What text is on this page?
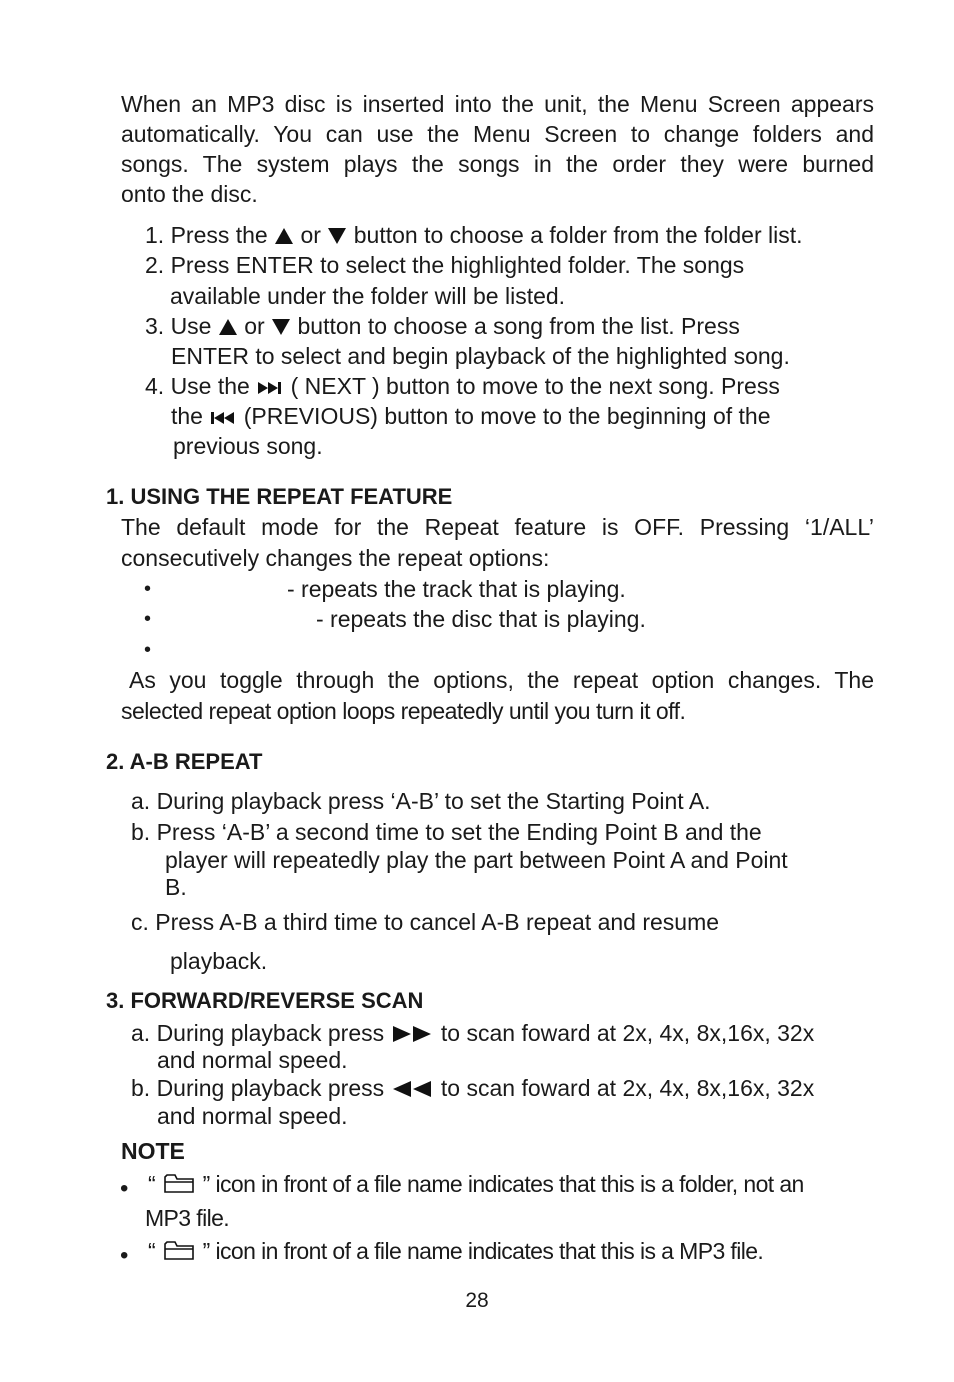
When an MP3 disc is inserted into the unit, the Menu Screen appears
automatically. You can use the Menu Screen to change folders and
songs. The system plays the songs in the order they were burned
onto the disc.
1. Press the or button to choose a folder from the folder list.
2. Press ENTER to select the highlighted folder. The songs
available under the folder will be listed.
3. Use or button to choose a song from the list. Press
ENTER to select and begin playback of the highlighted song.
4. Use the ( NEXT ) button to move to the next song. Press
the (PREVIOUS) button to move to the beginning of the
previous song.
1. USING THE REPEAT FEATURE
The default mode for the Repeat feature is OFF. Pressing ‘1/ALL’
consecutively changes the repeat options:
•	- repeats the track that is playing.
•	- repeats the disc that is playing.
•
As you toggle through the options, the repeat option changes. The
selected repeat option loops repeatedly until you turn it off.
2. A-B REPEAT
a. During playback press ‘A-B’ to set the Starting Point A.
b. Press ‘A-B’ a second time to set the Ending Point B and the
player will repeatedly play the part between Point A and Point
B.
c. Press A-B a third time to cancel A-B repeat and resume
playback.
3. FORWARD/REVERSE SCAN
a. During playback press to scan foward at 2x, 4x, 8x,16x, 32x
and normal speed.
b. During playback press to scan foward at 2x, 4x, 8x,16x, 32x
and normal speed.
NOTE
• “ ” icon in front of a file name indicates that this is a folder, not an
MP3 file.
• “ ” icon in front of a file name indicates that this is a MP3 file.
28
